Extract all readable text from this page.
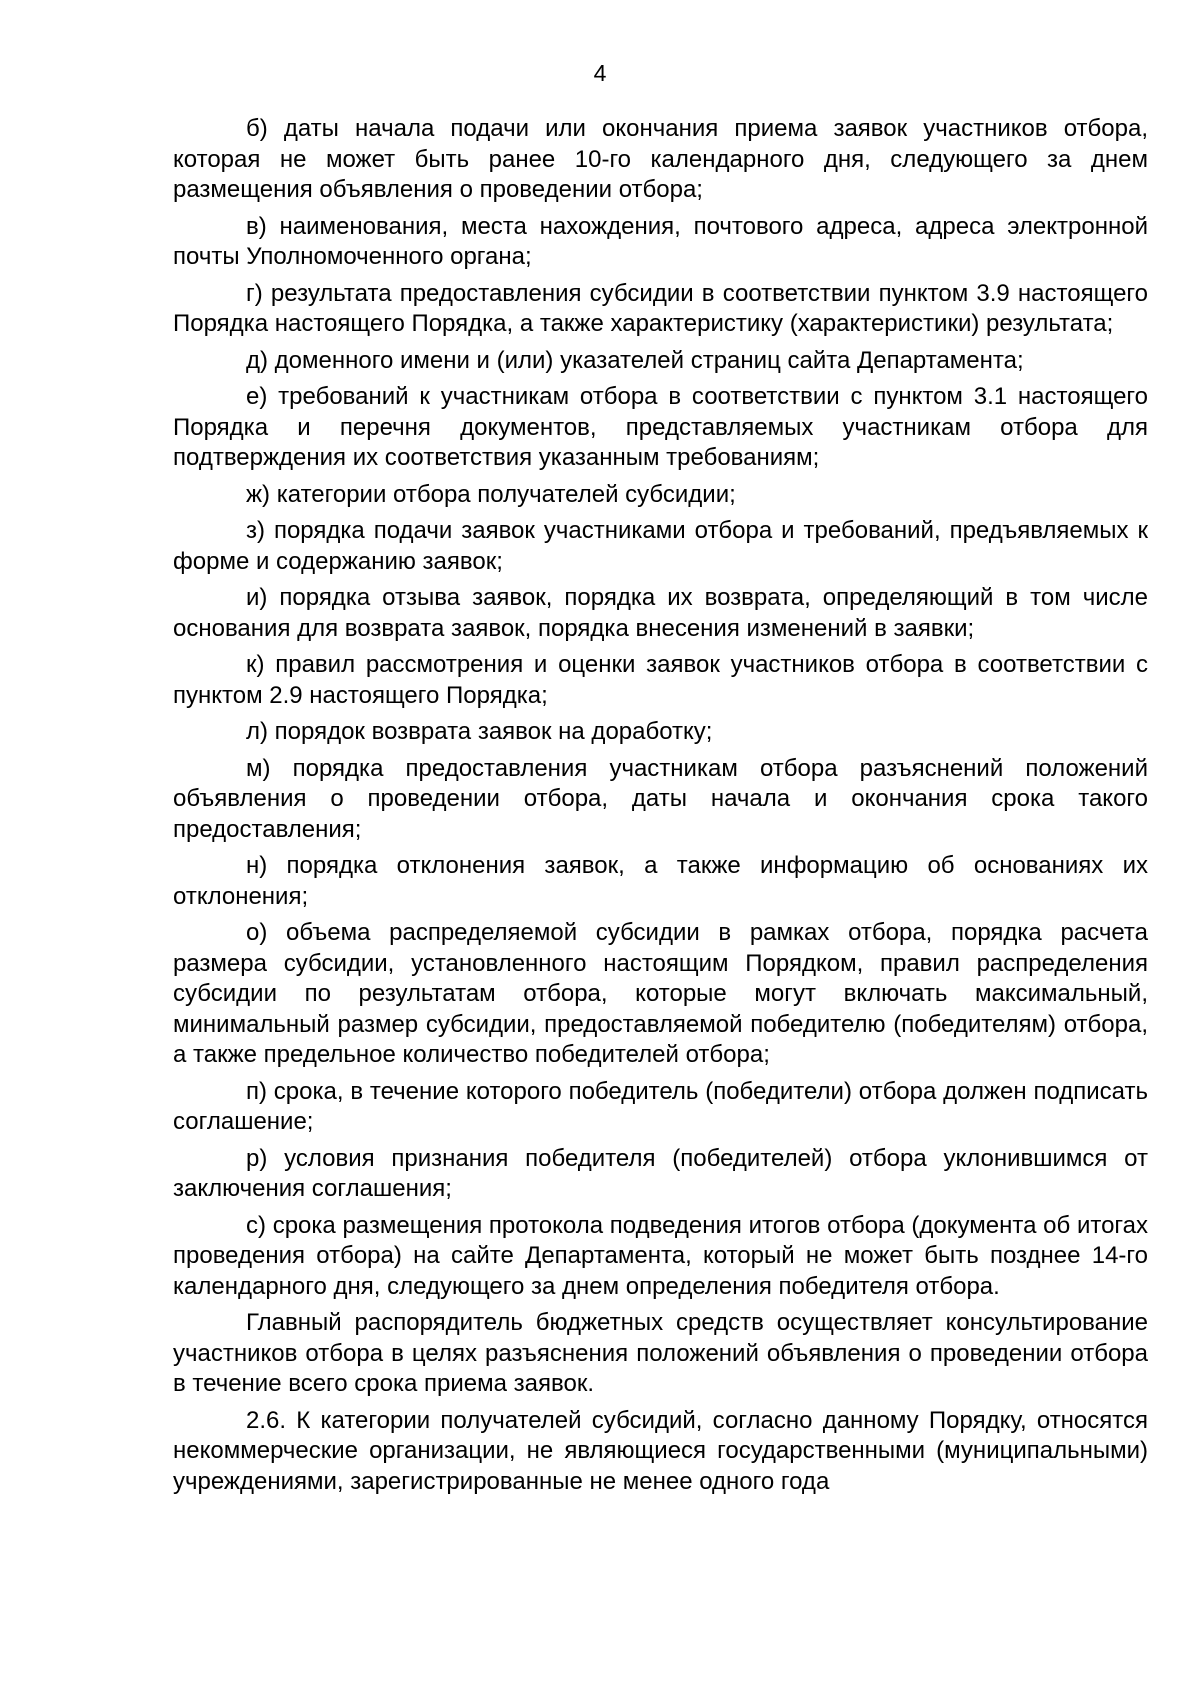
4

б) даты начала подачи или окончания приема заявок участников отбора, которая не может быть ранее 10-го календарного дня, следующего за днем размещения объявления о проведении отбора;

в) наименования, места нахождения, почтового адреса, адреса электронной почты Уполномоченного органа;

г) результата предоставления субсидии в соответствии пунктом 3.9 настоящего Порядка настоящего Порядка, а также характеристику (характеристики) результата;

д) доменного имени и (или) указателей страниц сайта Департамента;

е) требований к участникам отбора в соответствии с пунктом 3.1 настоящего Порядка и перечня документов, представляемых участникам отбора для подтверждения их соответствия указанным требованиям;

ж) категории отбора получателей субсидии;

з) порядка подачи заявок участниками отбора и требований, предъявляемых к форме и содержанию заявок;

и) порядка отзыва заявок, порядка их возврата, определяющий в том числе основания для возврата заявок, порядка внесения изменений в заявки;

к) правил рассмотрения и оценки заявок участников отбора в соответствии с пунктом 2.9 настоящего Порядка;

л) порядок возврата заявок на доработку;

м) порядка предоставления участникам отбора разъяснений положений объявления о проведении отбора, даты начала и окончания срока такого предоставления;

н) порядка отклонения заявок, а также информацию об основаниях их отклонения;

о) объема распределяемой субсидии в рамках отбора, порядка расчета размера субсидии, установленного настоящим Порядком, правил распределения субсидии по результатам отбора, которые могут включать максимальный, минимальный размер субсидии, предоставляемой победителю (победителям) отбора, а также предельное количество победителей отбора;

п) срока, в течение которого победитель (победители) отбора должен подписать соглашение;

р) условия признания победителя (победителей) отбора уклонившимся от заключения соглашения;

с) срока размещения протокола подведения итогов отбора (документа об итогах проведения отбора) на сайте Департамента, который не может быть позднее 14-го календарного дня, следующего за днем определения победителя отбора.

Главный распорядитель бюджетных средств осуществляет консультирование участников отбора в целях разъяснения положений объявления о проведении отбора в течение всего срока приема заявок.

2.6. К категории получателей субсидий, согласно данному Порядку, относятся некоммерческие организации, не являющиеся государственными (муниципальными) учреждениями, зарегистрированные не менее одного года
